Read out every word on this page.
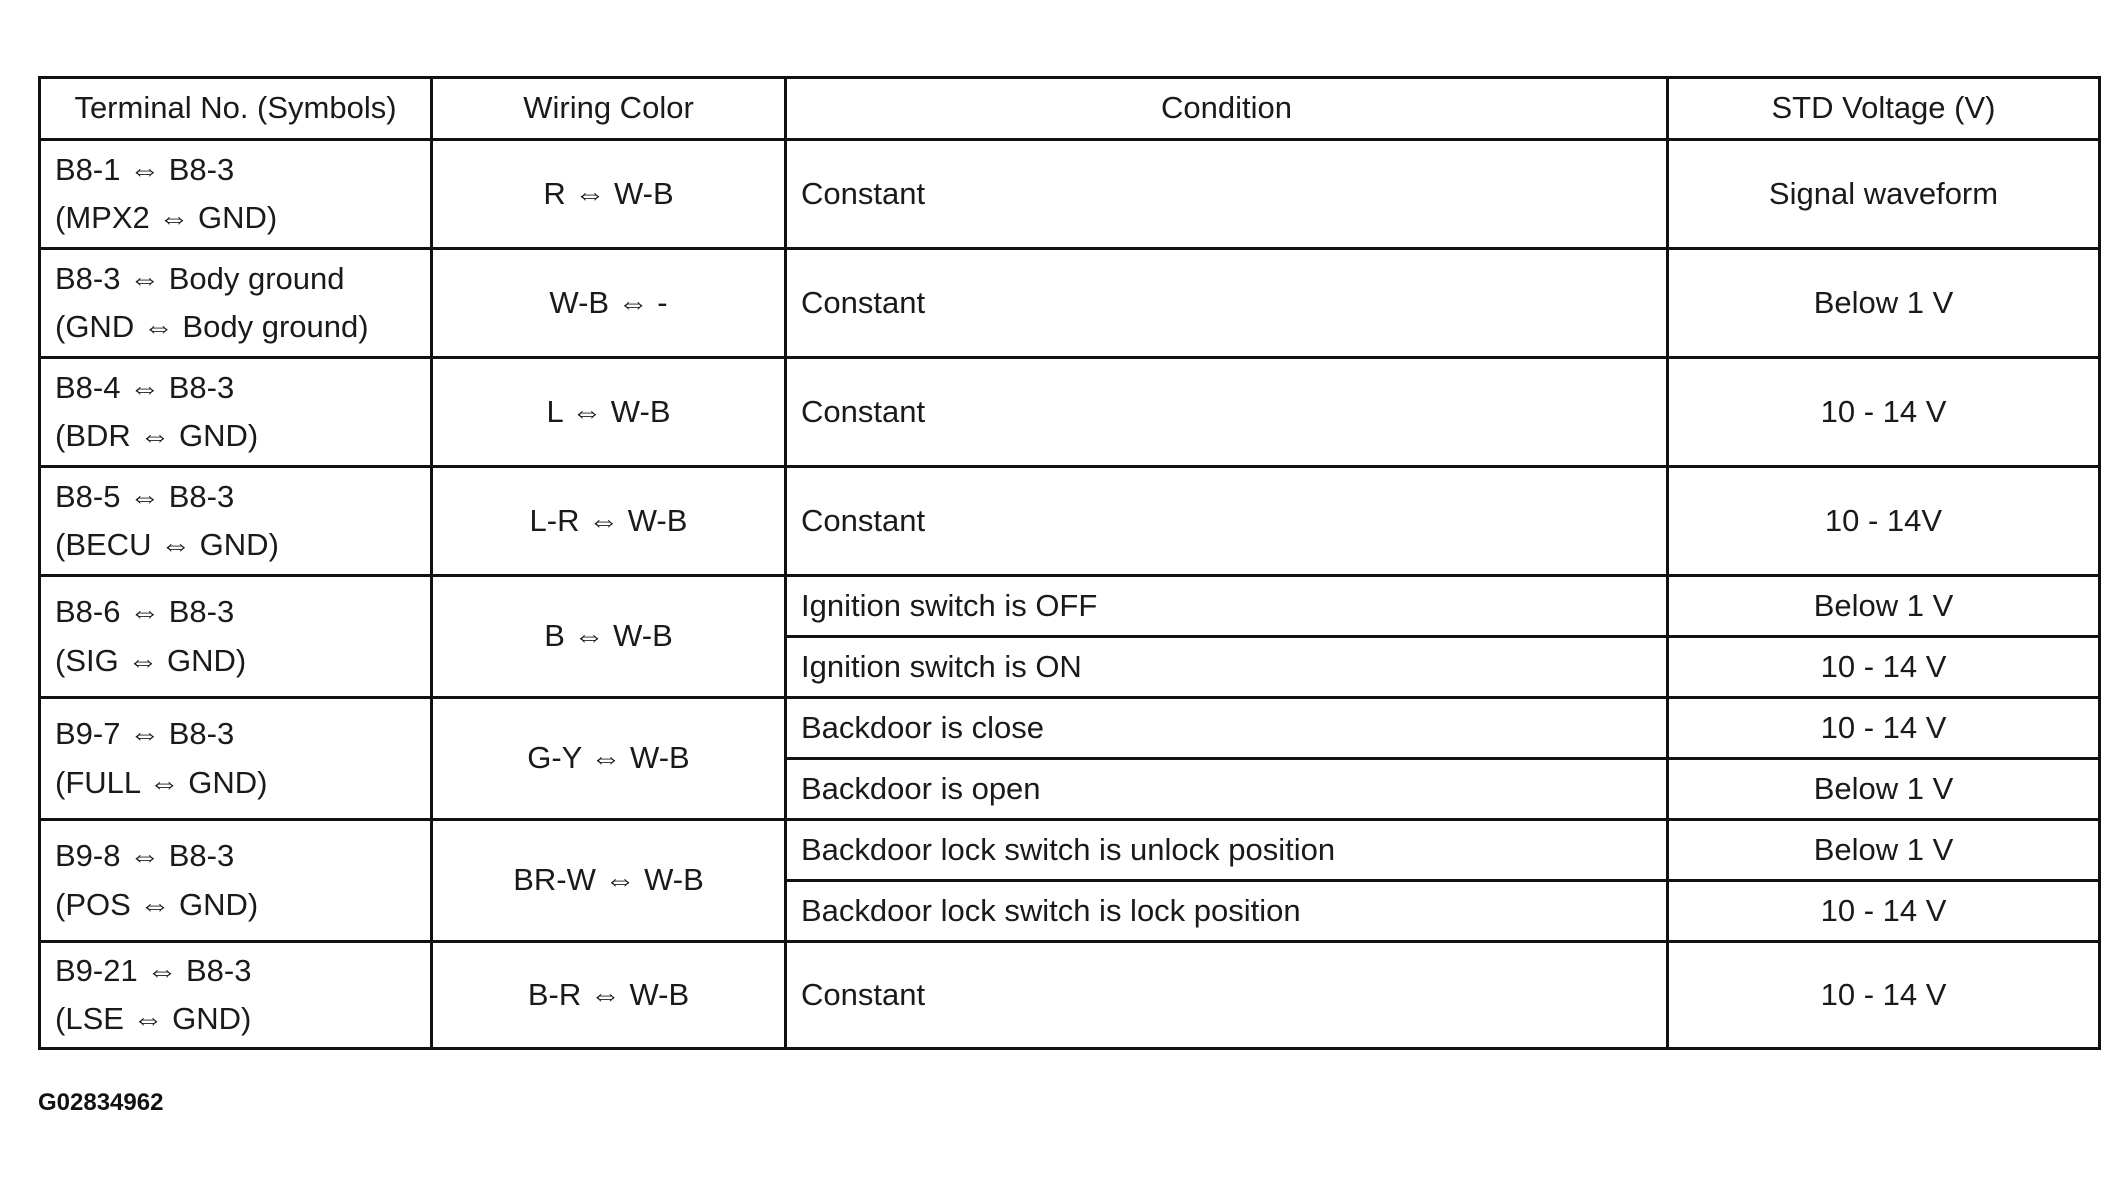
Terminal No. (Symbols)	Wiring Color	Condition	STD Voltage (V)

B8-1 ⇔ B8-3
(MPX2 ⇔ GND)	R ⇔ W-B	Constant	Signal waveform

B8-3 ⇔ Body ground
(GND ⇔ Body ground)	W-B ⇔ -	Constant	Below 1 V

B8-4 ⇔ B8-3
(BDR ⇔ GND)	L ⇔ W-B	Constant	10 - 14 V

B8-5 ⇔ B8-3
(BECU ⇔ GND)	L-R ⇔ W-B	Constant	10 - 14V

B8-6 ⇔ B8-3
(SIG ⇔ GND)	B ⇔ W-B	Ignition switch is OFF	Below 1 V
		Ignition switch is ON	10 - 14 V

B9-7 ⇔ B8-3
(FULL ⇔ GND)	G-Y ⇔ W-B	Backdoor is close	10 - 14 V
		Backdoor is open	Below 1 V

B9-8 ⇔ B8-3
(POS ⇔ GND)	BR-W ⇔ W-B	Backdoor lock switch is unlock position	Below 1 V
		Backdoor lock switch is lock position	10 - 14 V

B9-21 ⇔ B8-3
(LSE ⇔ GND)	B-R ⇔ W-B	Constant	10 - 14 V
G02834962
